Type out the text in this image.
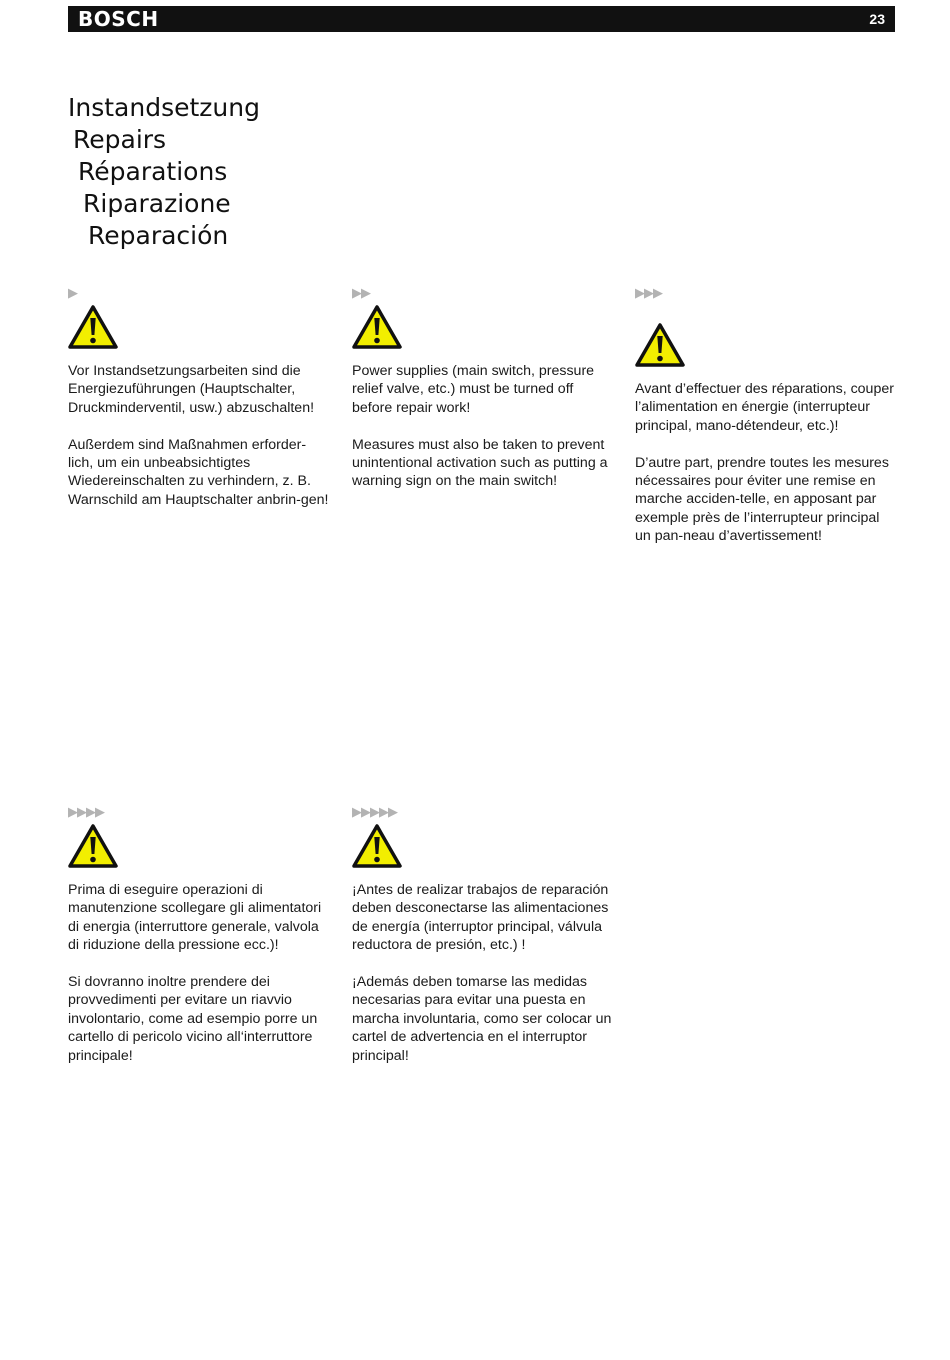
BOSCH	23
Instandsetzung
Repairs
Réparations
Riparazione
Reparación
▶

Vor Instandsetzungsarbeiten sind die Energiezuführungen (Hauptschalter, Druckminderventil, usw.) abzuschalten!

Außerdem sind Maßnahmen erforder-lich, um ein unbeabsichtigtes Wiedereinschalten zu verhindern, z. B. Warnschild am Hauptschalter anbrin-gen!

▶▶

Power supplies (main switch, pressure relief valve, etc.) must be turned off before repair work!

Measures must also be taken to prevent unintentional activation such as putting a warning sign on the main switch!

▶▶▶

Avant d’effectuer des réparations, couper l’alimentation en énergie (interrupteur principal, mano-détendeur, etc.)!

D’autre part, prendre toutes les mesures nécessaires pour éviter une remise en marche acciden-telle, en apposant par exemple près de l’interrupteur principal un pan-neau d’avertissement!

▶▶▶▶

Prima di eseguire operazioni di manutenzione scollegare gli alimentatori di energia (interruttore generale, valvola di riduzione della pressione ecc.)!

Si dovranno inoltre prendere dei provvedimenti per evitare un riavvio involontario, come ad esempio porre un cartello di pericolo vicino all‘interruttore principale!

▶▶▶▶▶

¡Antes de realizar trabajos de reparación deben desconectarse las alimentaciones de energía (interruptor principal, válvula reductora de presión, etc.) !

¡Además deben tomarse las medidas necesarias para evitar una puesta en marcha involuntaria, como ser colocar un cartel de advertencia en el interruptor principal!
